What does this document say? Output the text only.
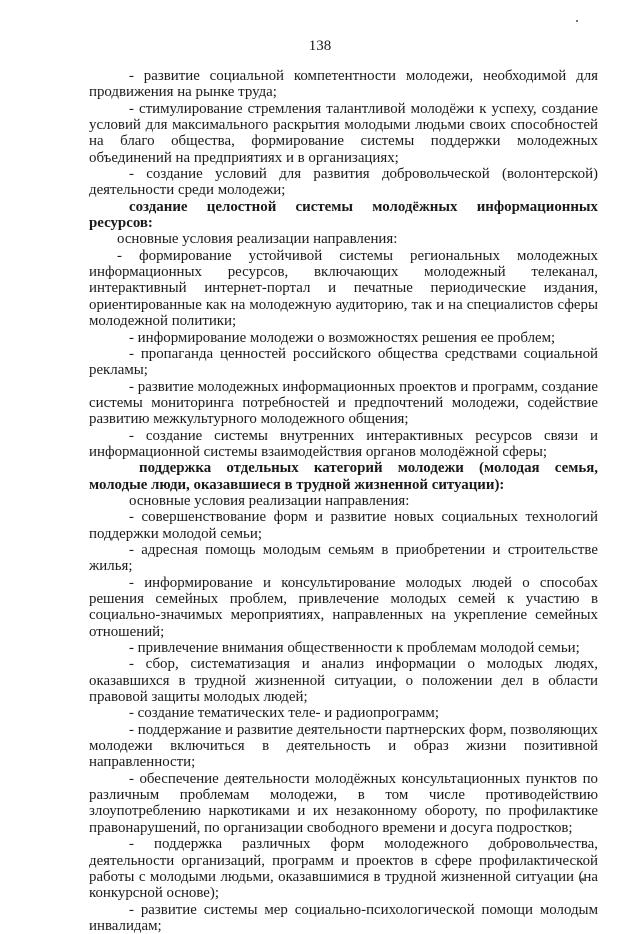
138

- развитие социальной компетентности молодежи, необходимой для продвижения на рынке труда;

- стимулирование стремления талантливой молодёжи к успеху, создание условий для максимального раскрытия молодыми людьми своих способностей на благо общества, формирование системы поддержки молодежных объединений на предприятиях и в организациях;

- создание условий для развития добровольческой (волонтерской) деятельности среди молодежи;

создание целостной системы молодёжных информационных ресурсов:

основные условия реализации направления:

- формирование устойчивой системы региональных молодежных информационных ресурсов, включающих молодежный телеканал, интерактивный интернет-портал и печатные периодические издания, ориентированные как на молодежную аудиторию, так и на специалистов сферы молодежной политики;

- информирование молодежи о возможностях решения ее проблем;

- пропаганда ценностей российского общества средствами социальной рекламы;

- развитие молодежных информационных проектов и программ, создание системы мониторинга потребностей и предпочтений молодежи, содействие развитию межкультурного молодежного общения;

- создание системы внутренних интерактивных ресурсов связи и информационной системы взаимодействия органов молодёжной сферы;

поддержка отдельных категорий молодежи (молодая семья, молодые люди, оказавшиеся в трудной жизненной ситуации):

основные условия реализации направления:

- совершенствование форм и развитие новых социальных технологий поддержки молодой семьи;

- адресная помощь молодым семьям в приобретении и строительстве жилья;

- информирование и консультирование молодых людей о способах решения семейных проблем, привлечение молодых семей к участию в социально-значимых мероприятиях, направленных на укрепление семейных отношений;

- привлечение внимания общественности к проблемам молодой семьи;

- сбор, систематизация и анализ информации о молодых людях, оказавшихся в трудной жизненной ситуации, о положении дел в области правовой защиты молодых людей;

- создание тематических теле- и радиопрограмм;

- поддержание и развитие деятельности партнерских форм, позволяющих молодежи включиться в деятельность и образ жизни позитивной направленности;

- обеспечение деятельности молодёжных консультационных пунктов по различным проблемам молодежи, в том числе противодействию злоупотреблению наркотиками и их незаконному обороту, по профилактике правонарушений, по организации свободного времени и досуга подростков;

- поддержка различных форм молодежного добровольчества, деятельности организаций, программ и проектов в сфере профилактической работы с молодыми людьми, оказавшимися в трудной жизненной ситуации (на конкурсной основе);

- развитие системы мер социально-психологической помощи молодым инвалидам;
